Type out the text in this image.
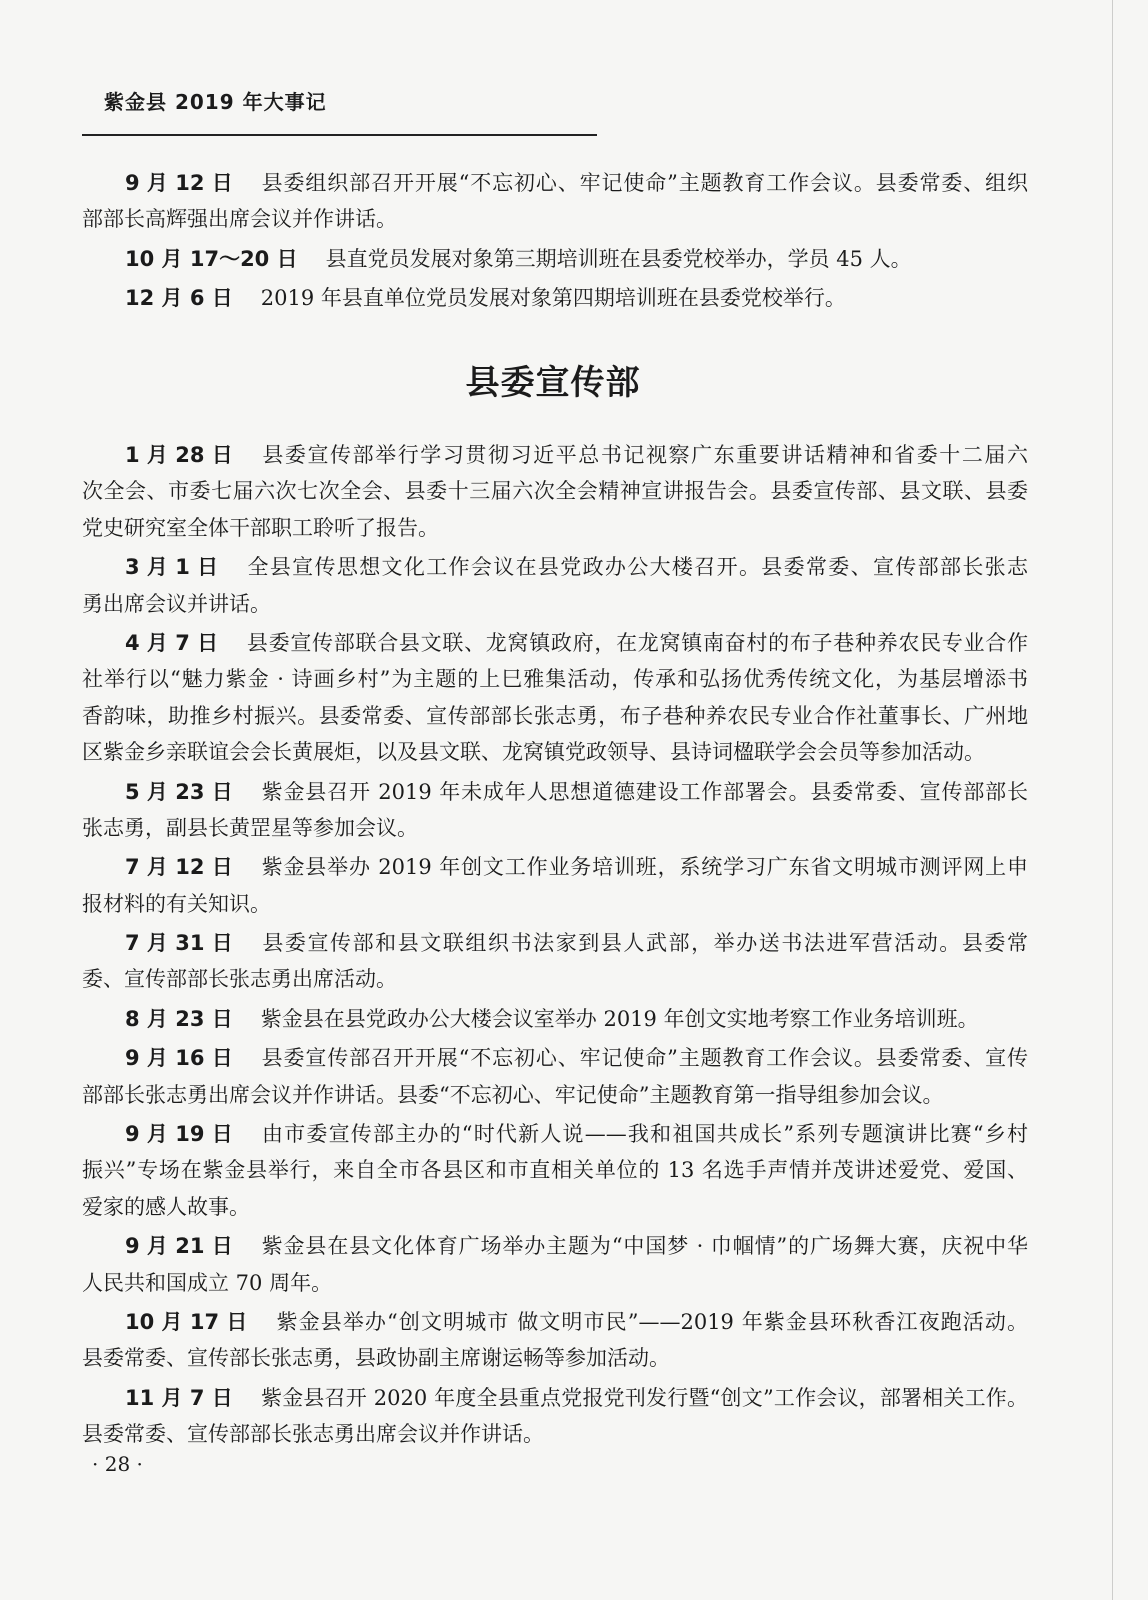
紫金县 2019 年大事记
9 月 12 日 县委组织部召开开展“不忘初心、牢记使命”主题教育工作会议。县委常委、组织
部部长高辉强出席会议并作讲话。
10 月 17～20 日 县直党员发展对象第三期培训班在县委党校举办，学员 45 人。
12 月 6 日 2019 年县直单位党员发展对象第四期培训班在县委党校举行。
县委宣传部
1 月 28 日 县委宣传部举行学习贯彻习近平总书记视察广东重要讲话精神和省委十二届六
次全会、市委七届六次七次全会、县委十三届六次全会精神宣讲报告会。县委宣传部、县文联、县委
党史研究室全体干部职工聆听了报告。
3 月 1 日 全县宣传思想文化工作会议在县党政办公大楼召开。县委常委、宣传部部长张志
勇出席会议并讲话。
4 月 7 日 县委宣传部联合县文联、龙窝镇政府，在龙窝镇南奋村的布子巷种养农民专业合作
社举行以“魅力紫金 · 诗画乡村”为主题的上巳雅集活动，传承和弘扬优秀传统文化，为基层增添书
香韵味，助推乡村振兴。县委常委、宣传部部长张志勇，布子巷种养农民专业合作社董事长、广州地
区紫金乡亲联谊会会长黄展炬，以及县文联、龙窝镇党政领导、县诗词楹联学会会员等参加活动。
5 月 23 日 紫金县召开 2019 年未成年人思想道德建设工作部署会。县委常委、宣传部部长
张志勇，副县长黄罡星等参加会议。
7 月 12 日 紫金县举办 2019 年创文工作业务培训班，系统学习广东省文明城市测评网上申
报材料的有关知识。
7 月 31 日 县委宣传部和县文联组织书法家到县人武部，举办送书法进军营活动。县委常
委、宣传部部长张志勇出席活动。
8 月 23 日 紫金县在县党政办公大楼会议室举办 2019 年创文实地考察工作业务培训班。
9 月 16 日 县委宣传部召开开展“不忘初心、牢记使命”主题教育工作会议。县委常委、宣传
部部长张志勇出席会议并作讲话。县委“不忘初心、牢记使命”主题教育第一指导组参加会议。
9 月 19 日 由市委宣传部主办的“时代新人说——我和祖国共成长”系列专题演讲比赛“乡村
振兴”专场在紫金县举行，来自全市各县区和市直相关单位的 13 名选手声情并茂讲述爱党、爱国、
爱家的感人故事。
9 月 21 日 紫金县在县文化体育广场举办主题为“中国梦 · 巾帼情”的广场舞大赛，庆祝中华
人民共和国成立 70 周年。
10 月 17 日 紫金县举办“创文明城市 做文明市民”——2019 年紫金县环秋香江夜跑活动。
县委常委、宣传部长张志勇，县政协副主席谢运畅等参加活动。
11 月 7 日 紫金县召开 2020 年度全县重点党报党刊发行暨“创文”工作会议，部署相关工作。
县委常委、宣传部部长张志勇出席会议并作讲话。
· 28 ·
